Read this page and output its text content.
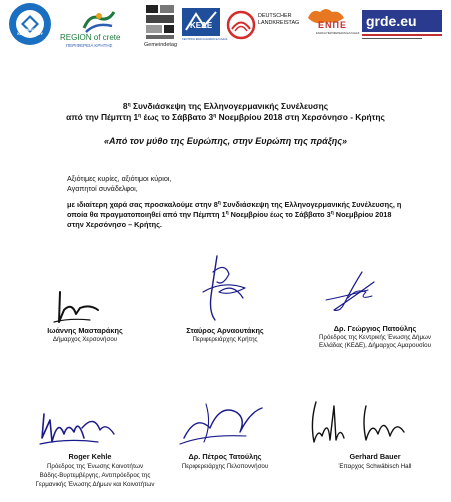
ΔΗΜΟΣ
ΧΕΡΣΟΝΗΣΟΥ	REGION of crete
ΠΕΡΙΦΕΡΕΙΑ ΚΡΗΤΗΣ	Gemeindetag
ΚΕΔΕ
ΚΕΝΤΡΙΚΗ ΕΝΩΣΗ ΔΗΜΩΝ ΕΛΛΑΔΑΣ
DEUTSCHER
LANDKREISTAG ΕΝΠΕ
ΕΝΩΣΗ ΠΕΡΙΦΕΡΕΙΩΝ ΕΛΛΑΔΑΣ
grde.eu
$8^\eta$ Συνδιάσκεψη της Ελληνογερμανικής Συνέλευσης
από την Πέμπτη $1^\eta$ έως το Σάββατο $3^\eta$ Νοεμβρίου 2018 στη Χερσόνησο - Κρήτης
«Από τον μύθο της Ευρώπης, στην Ευρώπη της πράξης»
Αξιότιμες κυρίες, αξιότιμοι κύριοι,
Αγαπητοί συνάδελφοι,
με ιδιαίτερη χαρά σας προσκαλούμε στην $8^\eta$ Συνδιάσκεψη της Ελληνογερμανικής Συνέλευσης, η
οποία θα πραγματοποιηθεί από την Πέμπτη $1^\eta$ Νοεμβρίου έως το Σάββατο $3^\eta$ Νοεμβρίου 2018
στην Χερσόνησο – Κρήτης.
Ιωάννης Μασταράκης
Δήμαρχος Χερσονήσου
Σταύρος Αρναουτάκης
Περιφερειάρχης Κρήτης
Δρ. Γεώργιος Πατούλης
Πρόεδρος της Κεντρικής Ένωσης Δήμων
Ελλάδας (ΚΕΔΕ), Δήμαρχος Αμαρουσίου
Roger Kehle
Πρόεδρος της Ένωσης Κοινοτήτων
Βάδης-Βυρτεμβέργης, Αντιπρόεδρος της
Γερμανικής Ένωσης Δήμων και Κοινοτήτων
Δρ. Πέτρος Τατούλης
Περιφερειάρχης Πελοποννήσου
Gerhard Bauer
Έπαρχος Schwäbisch Hall
